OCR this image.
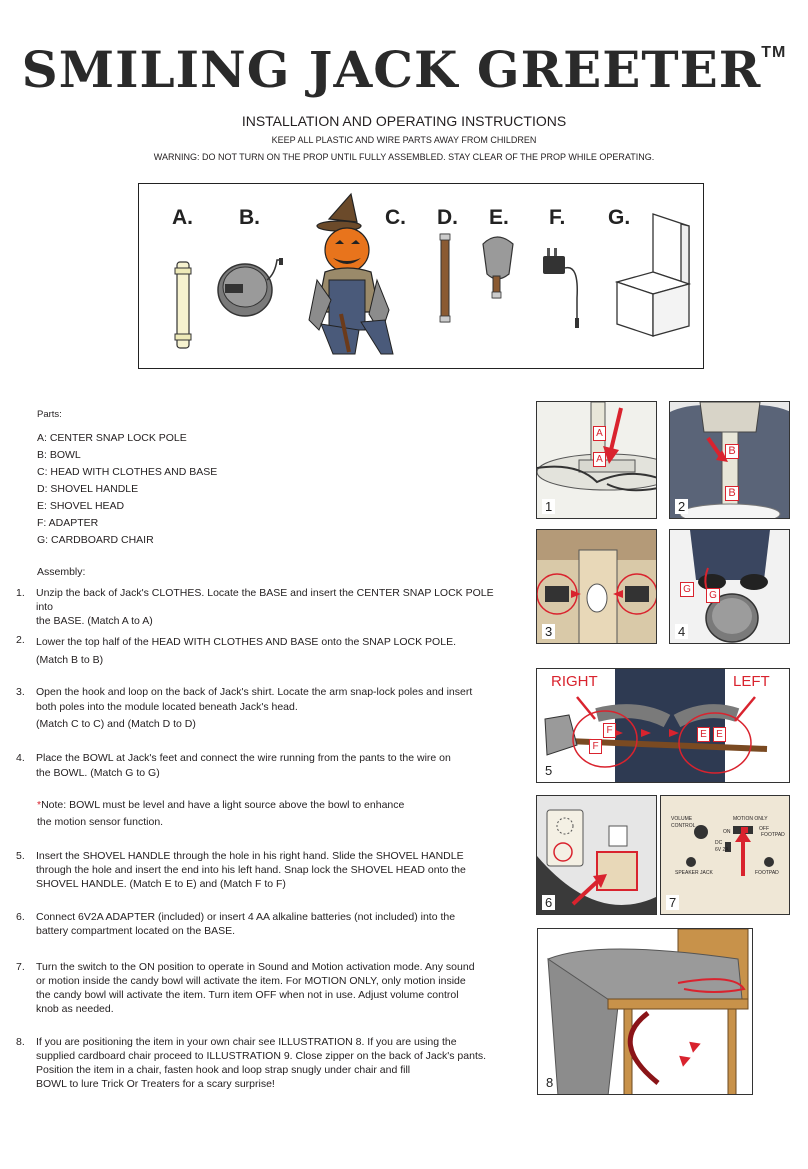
SMILING JACK GREETER™
INSTALLATION AND OPERATING INSTRUCTIONS
KEEP ALL PLASTIC AND WIRE PARTS AWAY FROM CHILDREN
WARNING: DO NOT TURN ON THE PROP UNTIL FULLY ASSEMBLED. STAY CLEAR OF THE PROP WHILE OPERATING.
A. B.	C. D. E. F. G.
Parts:
A: CENTER SNAP LOCK POLE
B: BOWL
C: HEAD WITH CLOTHES AND BASE
D: SHOVEL HANDLE
E: SHOVEL HEAD
F: ADAPTER
G: CARDBOARD CHAIR
Assembly:
1. Unzip the back of Jack's CLOTHES. Locate the BASE and insert the CENTER SNAP LOCK POLE into
the BASE. (Match A to A)
2. Lower the top half of the HEAD WITH CLOTHES AND BASE onto the SNAP LOCK POLE.
(Match B to B)
3. Open the hook and loop on the back of Jack's shirt. Locate the arm snap-lock poles and insert
both poles into the module located beneath Jack's head.
(Match C to C) and (Match D to D)
4. Place the BOWL at Jack's feet and connect the wire running from the pants to the wire on
the BOWL. (Match G to G)
*Note: BOWL must be level and have a light source above the bowl to enhance
the motion sensor function.
5. Insert the SHOVEL HANDLE through the hole in his right hand. Slide the SHOVEL HANDLE
through the hole and insert the end into his left hand. Snap lock the SHOVEL HEAD onto the
SHOVEL HANDLE. (Match E to E) and (Match F to F)
6. Connect 6V2A ADAPTER (included) or insert 4 AA alkaline batteries (not included) into the
battery compartment located on the BASE.
7. Turn the switch to the ON position to operate in Sound and Motion activation mode. Any sound
or motion inside the candy bowl will activate the item. For MOTION ONLY, only motion inside
the candy bowl will activate the item. Turn item OFF when not in use. Adjust volume control
knob as needed.
8. If you are positioning the item in your own chair see ILLUSTRATION 8. If you are using the
supplied cardboard chair proceed to ILLUSTRATION 9. Close zipper on the back of Jack's pants.
Position the item in a chair, fasten hook and loop strap snugly under chair and fill
BOWL to lure Trick Or Treaters for a scary surprise!
A
A
1
B
B
2
3
G
G
4
RIGHT	LEFT
F
F
E E
5
6
VOLUME
CONTROL
MOTION ONLY
ON	OFF
FOOTPAD
DC
6V 2A
SPEAKER JACK	FOOTPAD
7
8
